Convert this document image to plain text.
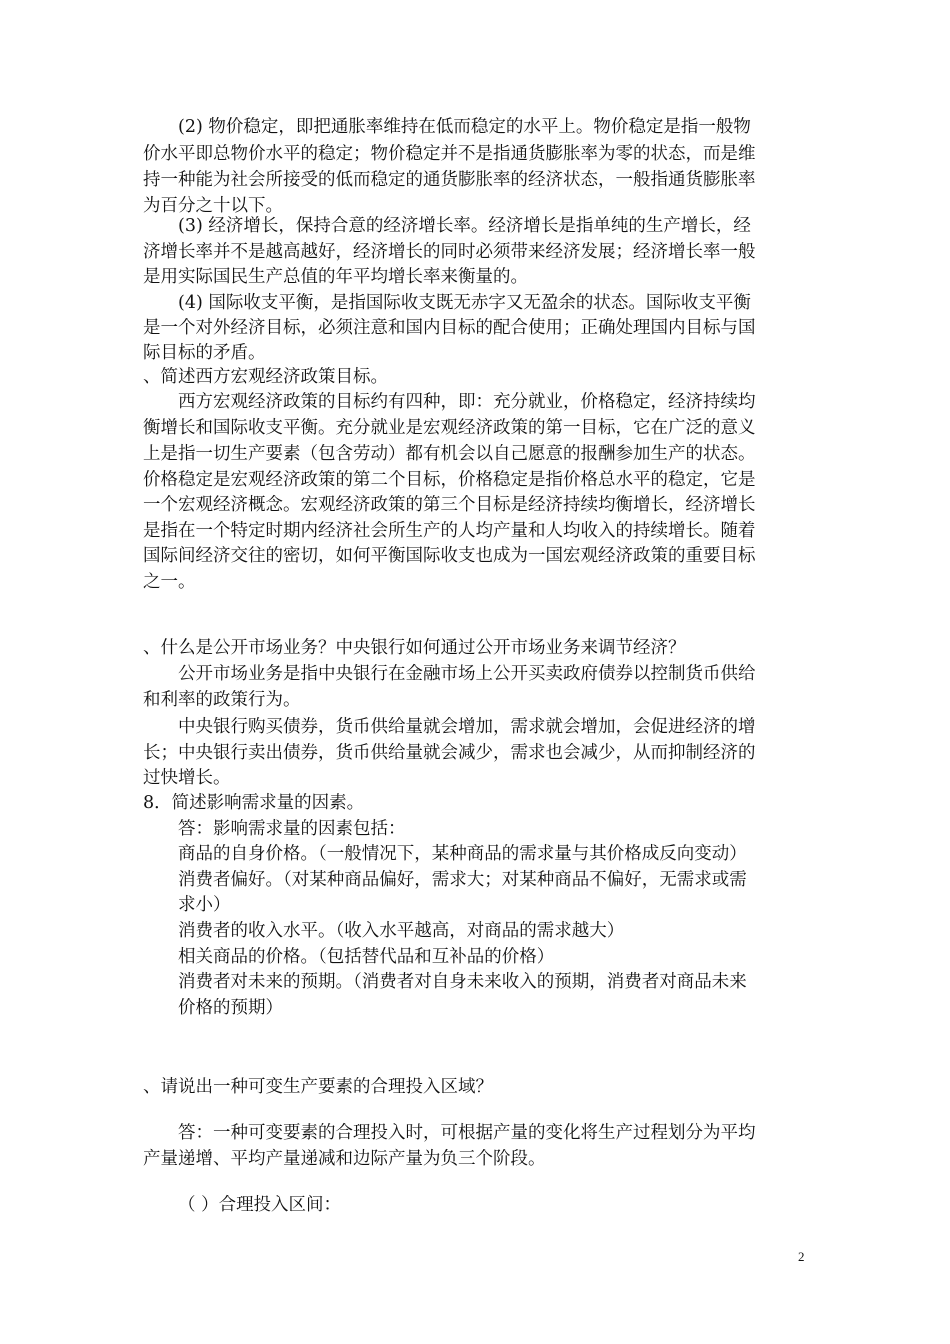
(2) 物价稳定，即把通胀率维持在低而稳定的水平上。物价稳定是指一般物
价水平即总物价水平的稳定；物价稳定并不是指通货膨胀率为零的状态，而是维
持一种能为社会所接受的低而稳定的通货膨胀率的经济状态，一般指通货膨胀率
为百分之十以下。
(3) 经济增长，保持合意的经济增长率。经济增长是指单纯的生产增长，经
济增长率并不是越高越好，经济增长的同时必须带来经济发展；经济增长率一般
是用实际国民生产总值的年平均增长率来衡量的。
(4) 国际收支平衡，是指国际收支既无赤字又无盈余的状态。国际收支平衡
是一个对外经济目标，必须注意和国内目标的配合使用；正确处理国内目标与国
际目标的矛盾。
、简述西方宏观经济政策目标。
西方宏观经济政策的目标约有四种，即：充分就业，价格稳定，经济持续均
衡增长和国际收支平衡。充分就业是宏观经济政策的第一目标，它在广泛的意义
上是指一切生产要素（包含劳动）都有机会以自己愿意的报酬参加生产的状态。
价格稳定是宏观经济政策的第二个目标，价格稳定是指价格总水平的稳定，它是
一个宏观经济概念。宏观经济政策的第三个目标是经济持续均衡增长，经济增长
是指在一个特定时期内经济社会所生产的人均产量和人均收入的持续增长。随着
国际间经济交往的密切，如何平衡国际收支也成为一国宏观经济政策的重要目标
之一。
、什么是公开市场业务？中央银行如何通过公开市场业务来调节经济？
公开市场业务是指中央银行在金融市场上公开买卖政府债券以控制货币供给
和利率的政策行为。
中央银行购买债券，货币供给量就会增加，需求就会增加，会促进经济的增
长；中央银行卖出债券，货币供给量就会减少，需求也会减少，从而抑制经济的
过快增长。
8．简述影响需求量的因素。
答：影响需求量的因素包括：
商品的自身价格。（一般情况下，某种商品的需求量与其价格成反向变动）
消费者偏好。（对某种商品偏好，需求大；对某种商品不偏好，无需求或需
求小）
消费者的收入水平。（收入水平越高，对商品的需求越大）
相关商品的价格。（包括替代品和互补品的价格）
消费者对未来的预期。（消费者对自身未来收入的预期，消费者对商品未来
价格的预期）
、请说出一种可变生产要素的合理投入区域？
答：一种可变要素的合理投入时，可根据产量的变化将生产过程划分为平均
产量递增、平均产量递减和边际产量为负三个阶段。
（ ）合理投入区间：
2
